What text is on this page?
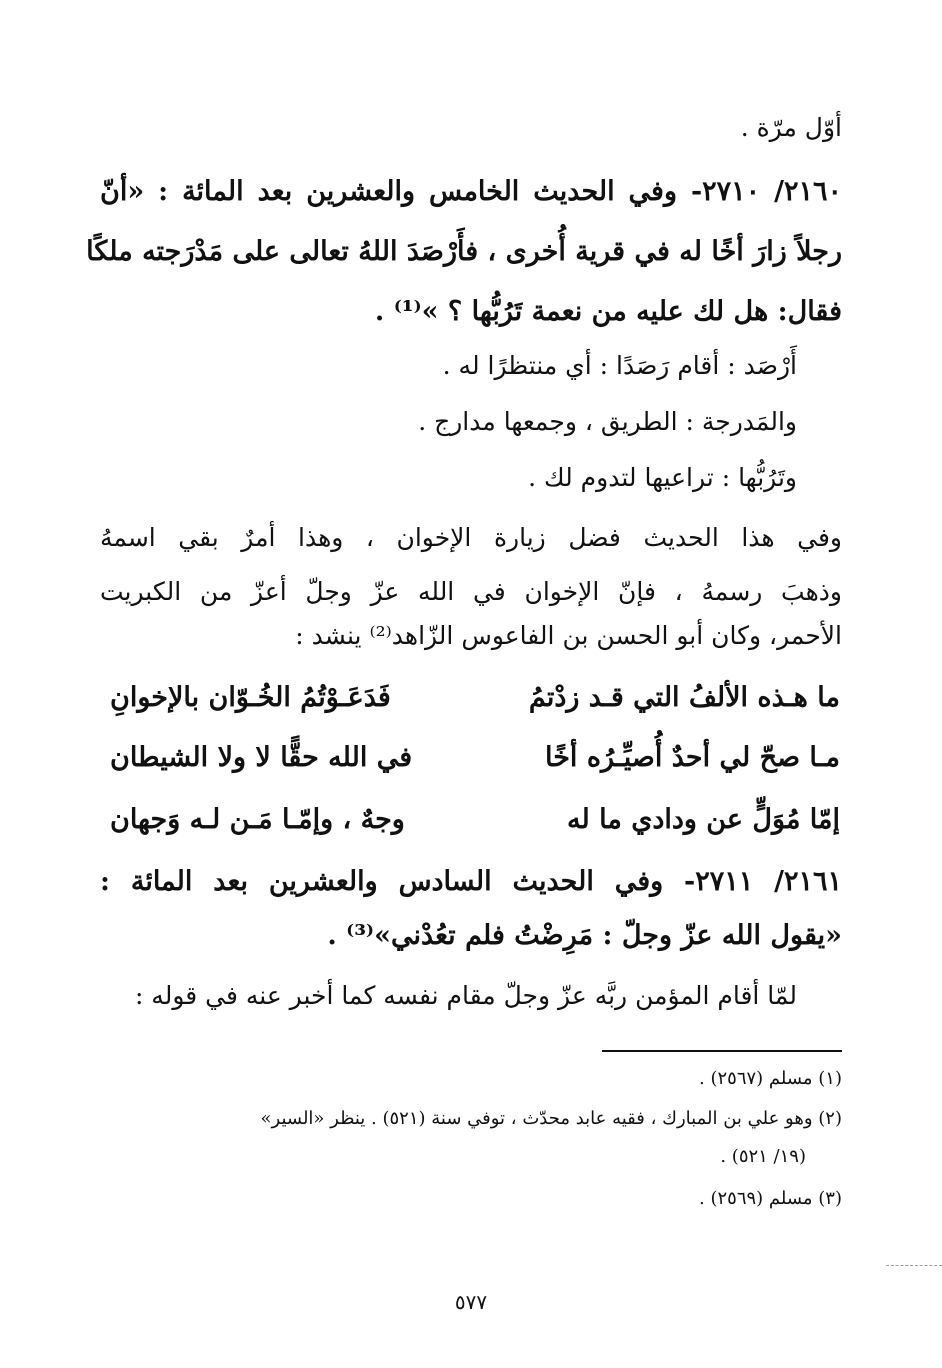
أوّل مرّة .
٢١٦٠/ ٢٧١٠- وفي الحديث الخامس والعشرين بعد المائة : «أنّ
رجلاً زارَ أخًا له في قرية أُخرى ، فأَرْصَدَ اللهُ تعالى على مَدْرَجته ملكًا
فقال: هل لك عليه من نعمة تَرُبُّها ؟ »⁽¹⁾ .
أَرْصَد : أقام رَصَدًا : أي منتظرًا له .
والمَدرجة : الطريق ، وجمعها مدارج .
وتَرُبُّها : تراعيها لتدوم لك .
وفي هذا الحديث فضل زيارة الإخوان ، وهذا أمرٌ بقي اسمهُ
وذهبَ رسمهُ ، فإنّ الإخوان في الله عزّ وجلّ أعزّ من الكبريت
الأحمر، وكان أبو الحسن بن الفاعوس الزّاهد⁽²⁾ ينشد :
ما هـذه الألفُ التي قـد زدْتمُ
فَدَعَـوْتُمُ الخُـوّان بالإخوانِ
مـا صحّ لي أحدٌ أُصيِّـرُه أخًا
في الله حقًّا لا ولا الشيطان
إمّا مُوَلٍّ عن ودادي ما له
وجهٌ ، وإمّـا مَـن لـه وَجهان
٢١٦١/ ٢٧١١- وفي الحديث السادس والعشرين بعد المائة :
«يقول الله عزّ وجلّ : مَرِضْتُ فلم تعُدْني»⁽³⁾ .
لمّا أقام المؤمن ربَّه عزّ وجلّ مقام نفسه كما أخبر عنه في قوله :
(١) مسلم (٢٥٦٧) .
(٢) وهو علي بن المبارك ، فقيه عابد محدّث ، توفي سنة (٥٢١) . ينظر «السير»
(١٩/ ٥٢١) .
(٣) مسلم (٢٥٦٩) .
٥٧٧
